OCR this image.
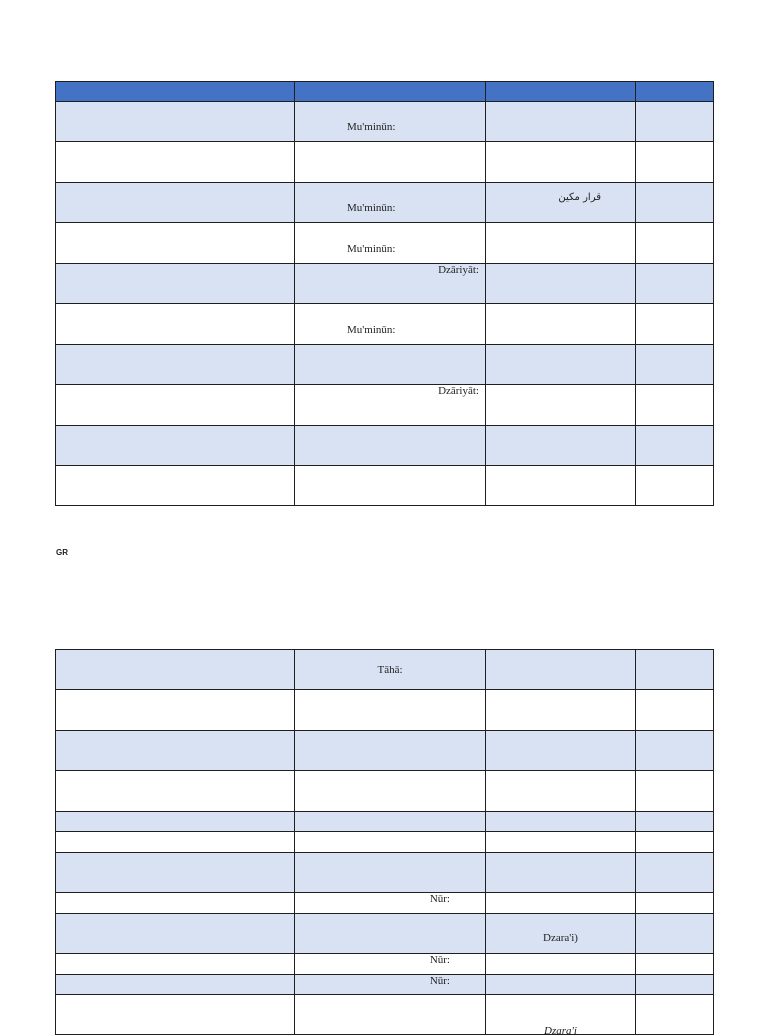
	Mu'minūn:		

	Mu'minūn:	قرار مكين	

	Mu'minūn:		

	Dzāriyāt:		

	Mu'minūn:		

	Dzāriyāt:		

GR

	Tāhā:		

	Nūr:		

		Dzara'i)	

	Nūr:		

	Nūr:		

		Dzara'i	
